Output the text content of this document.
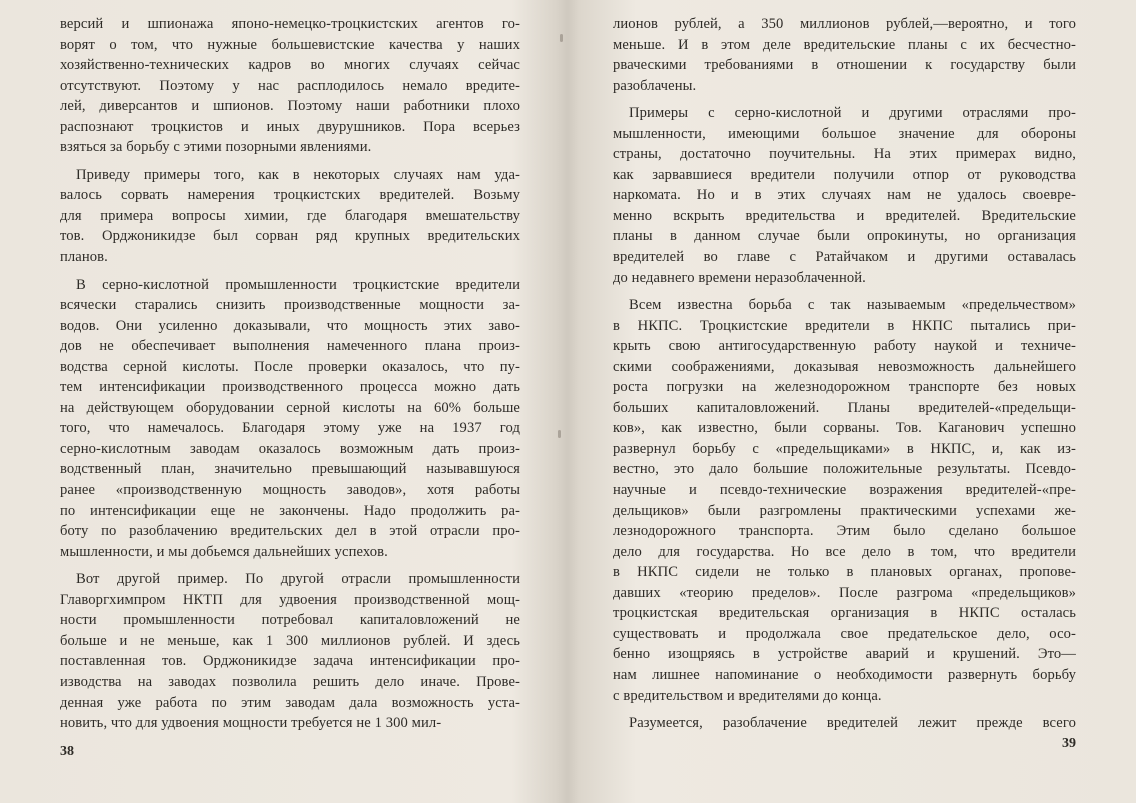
версий и шпионажа японо-немецко-троцкистских агентов го-
ворят о том, что нужные большевистские качества у наших
хозяйственно-технических кадров во многих случаях сейчас
отсутствуют. Поэтому у нас расплодилось немало вредите-
лей, диверсантов и шпионов. Поэтому наши работники плохо
распознают троцкистов и иных двурушников. Пора всерьез
взяться за борьбу с этими позорными явлениями.
Приведу примеры того, как в некоторых случаях нам уда-
валось сорвать намерения троцкистских вредителей. Возьму
для примера вопросы химии, где благодаря вмешательству
тов. Орджоникидзе был сорван ряд крупных вредительских
планов.
В серно-кислотной промышленности троцкистские вредители
всячески старались снизить производственные мощности за-
водов. Они усиленно доказывали, что мощность этих заво-
дов не обеспечивает выполнения намеченного плана произ-
водства серной кислоты. После проверки оказалось, что пу-
тем интенсификации производственного процесса можно дать
на действующем оборудовании серной кислоты на 60% больше
того, что намечалось. Благодаря этому уже на 1937 год
серно-кислотным заводам оказалось возможным дать произ-
водственный план, значительно превышающий называвшуюся
ранее «производственную мощность заводов», хотя работы
по интенсификации еще не закончены. Надо продолжить ра-
боту по разоблачению вредительских дел в этой отрасли про-
мышленности, и мы добьемся дальнейших успехов.
Вот другой пример. По другой отрасли промышленности
Главоргхимпром НКТП для удвоения производственной мощ-
ности промышленности потребовал капиталовложений не
больше и не меньше, как 1 300 миллионов рублей. И здесь
поставленная тов. Орджоникидзе задача интенсификации про-
изводства на заводах позволила решить дело иначе. Прове-
денная уже работа по этим заводам дала возможность уста-
новить, что для удвоения мощности требуется не 1 300 мил-
лионов рублей, а 350 миллионов рублей,—вероятно, и того
меньше. И в этом деле вредительские планы с их бесчестно-
рваческими требованиями в отношении к государству были
разоблачены.
Примеры с серно-кислотной и другими отраслями про-
мышленности, имеющими большое значение для обороны
страны, достаточно поучительны. На этих примерах видно,
как зарвавшиеся вредители получили отпор от руководства
наркомата. Но и в этих случаях нам не удалось своевре-
менно вскрыть вредительства и вредителей. Вредительские
планы в данном случае были опрокинуты, но организация
вредителей во главе с Ратайчаком и другими оставалась
до недавнего времени неразоблаченной.
Всем известна борьба с так называемым «предельчеством»
в НКПС. Троцкистские вредители в НКПС пытались при-
крыть свою антигосударственную работу наукой и техниче-
скими соображениями, доказывая невозможность дальнейшего
роста погрузки на железнодорожном транспорте без новых
больших капиталовложений. Планы вредителей-«предельщи-
ков», как известно, были сорваны. Тов. Каганович успешно
развернул борьбу с «предельщиками» в НКПС, и, как из-
вестно, это дало большие положительные результаты. Псевдо-
научные и псевдо-технические возражения вредителей-«пре-
дельщиков» были разгромлены практическими успехами же-
лезнодорожного транспорта. Этим было сделано большое
дело для государства. Но все дело в том, что вредители
в НКПС сидели не только в плановых органах, пропове-
давших «теорию пределов». После разгрома «предельщиков»
троцкистская вредительская организация в НКПС осталась
существовать и продолжала свое предательское дело, осо-
бенно изощряясь в устройстве аварий и крушений. Это—
нам лишнее напоминание о необходимости развернуть борьбу
с вредительством и вредителями до конца.
Разумеется, разоблачение вредителей лежит прежде всего
38
39
